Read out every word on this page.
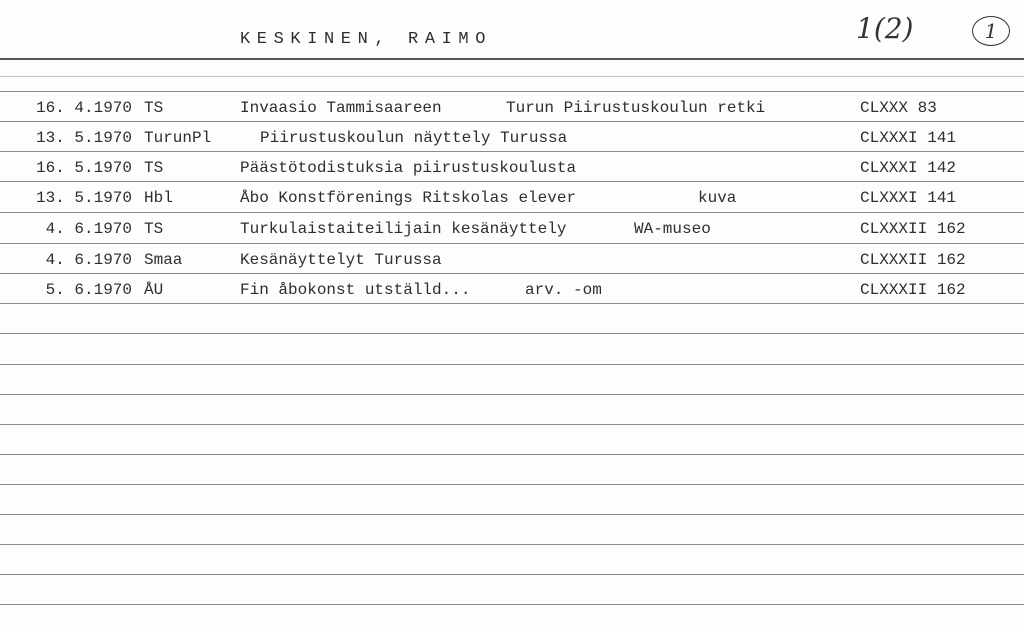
KESKINEN, RAIMO	1(2)	1
16. 4.1970 TS	Invaasio Tammisaareen	Turun Piirustuskoulun retki	CLXXX 83
13. 5.1970 TurunPl	Piirustuskoulun näyttely Turussa	CLXXXI 141
16. 5.1970 TS	Päästötodistuksia piirustuskoulusta	CLXXXI 142
13. 5.1970 Hbl	Åbo Konstförenings Ritskolas elever	kuva	CLXXXI 141
4. 6.1970 TS	Turkulaistaiteilijain kesänäyttely	WA-museo	CLXXXII 162
4. 6.1970 Smaa	Kesänäyttelyt Turussa	CLXXXII 162
5. 6.1970 ÅU	Fin åbokonst utställd...	arv. -om	CLXXXII 162
